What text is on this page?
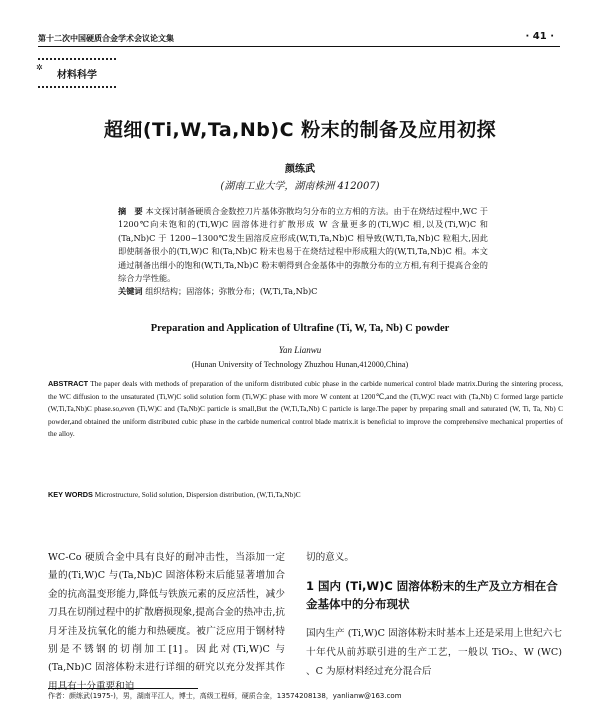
第十二次中国硬质合金学术会议论文集	· 41 ·
✲
材料科学
超细(Ti,W,Ta,Nb)C 粉末的制备及应用初探
颜练武
(湖南工业大学，湖南株洲 412007)
摘　要 本文探讨制备硬质合金数控刀片基体弥散均匀分布的立方相的方法。由于在烧结过程中,WC 于 1200℃向未饱和的(Ti,W)C 固溶体进行扩散形成 W 含量更多的(Ti,W)C 相,以及(Ti,W)C 和(Ta,Nb)C 于 1200~1300℃发生固溶反应形成(W,Ti,Ta,Nb)C 相导致(W,Ti,Ta,Nb)C 粒粗大,因此即使制备很小的(Ti,W)C 和(Ta,Nb)C 粉末也易于在烧结过程中形成粗大的(W,Ti,Ta,Nb)C 相。本文通过制备出细小的饱和(W,Ti,Ta,Nb)C 粉末朝得到合金基体中的弥散分布的立方相,有利于提高合金的综合力学性能。
关键词 组织结构；固溶体；弥散分布；(W,Ti,Ta,Nb)C
Preparation and Application of Ultrafine (Ti, W, Ta, Nb) C powder
Yan Lianwu
(Hunan University of Technology Zhuzhou Hunan,412000,China)
ABSTRACT The paper deals with methods of preparation of the uniform distributed cubic phase in the carbide numerical control blade matrix.During the sintering process, the WC diffusion to the unsaturated (Ti,W)C solid solution form (Ti,W)C phase with more W content at 1200℃,and the (Ti,W)C react with (Ta,Nb) C formed large particle (W,Ti,Ta,Nb)C phase.so,even (Ti,W)C and (Ta,Nb)C particle is small,But the (W,Ti,Ta,Nb) C particle is large.The paper by preparing small and saturated (W, Ti, Ta, Nb) C powder,and obtained the uniform distributed cubic phase in the carbide numerical control blade matrix.it is beneficial to improve the comprehensive mechanical properties of the alloy.
KEY WORDS Microstructure, Solid solution, Dispersion distribution, (W,Ti,Ta,Nb)C
WC-Co 硬质合金中具有良好的耐冲击性，当添加一定量的(Ti,W)C 与(Ta,Nb)C 固溶体粉末后能显著增加合金的抗高温变形能力,降低与铁族元素的反应活性，减少刀具在切削过程中的扩散磨损现象,提高合金的热冲击,抗月牙洼及抗氧化的能力和热硬度。被广泛应用于钢材特别是不锈钢的切削加工[1]。因此对(Ti,W)C 与(Ta,Nb)C 固溶体粉末进行详细的研究以充分发挥其作用具有十分重要和迫
切的意义。
1 国内 (Ti,W)C 固溶体粉末的生产及立方相在合金基体中的分布现状
国内生产 (Ti,W)C 固溶体粉末时基本上还是采用上世纪六七十年代从前苏联引进的生产工艺，一般以 TiO₂、W (WC) 、C 为原材料经过充分混合后
作者：颜练武(1975-)，男，湖南平江人，博士，高级工程师，硬质合金，13574208138，yanlianw@163.com
